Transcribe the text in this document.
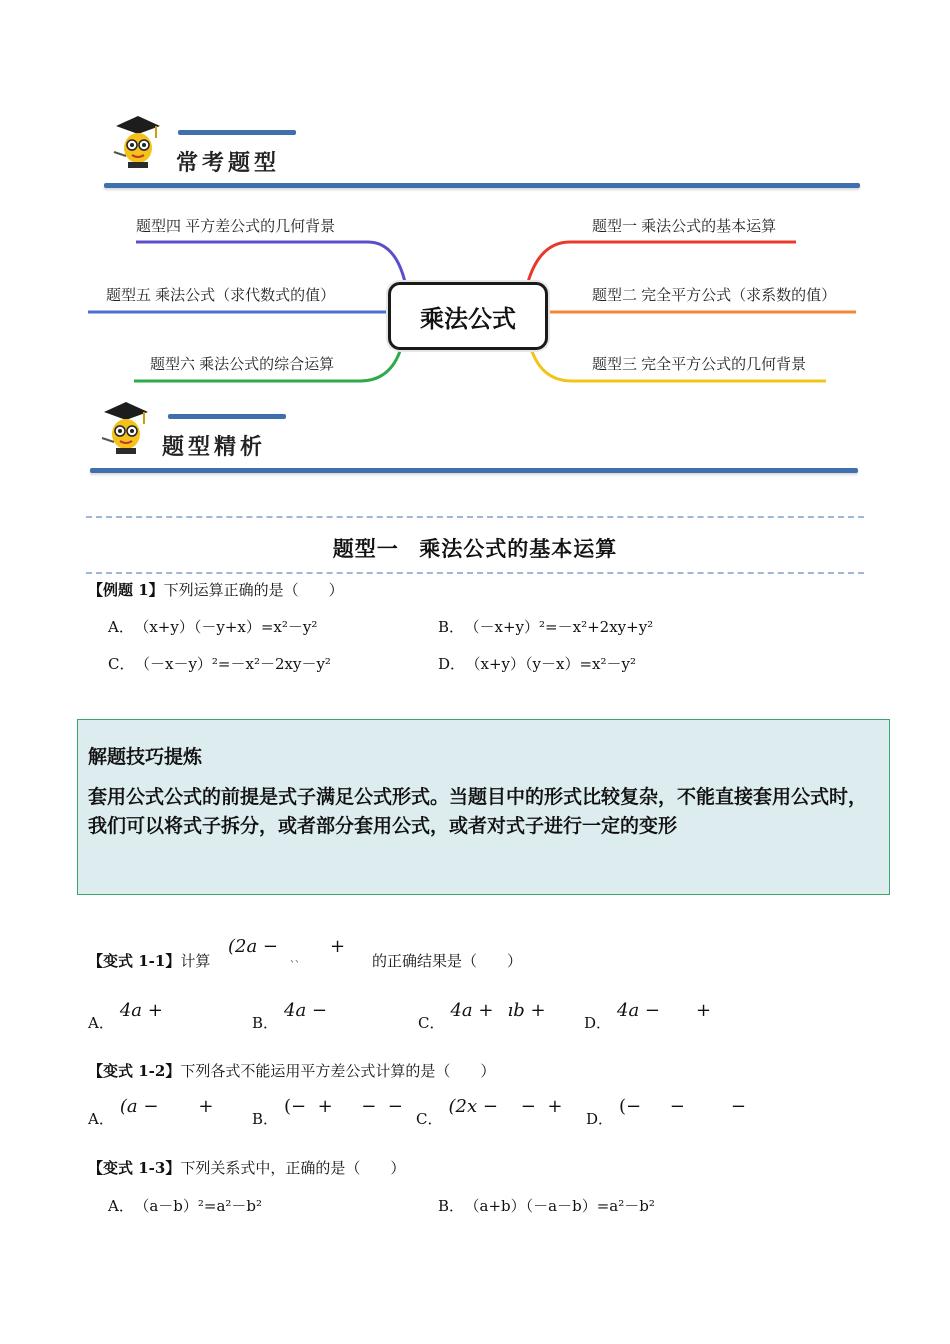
常考题型
乘法公式
题型四 平方差公式的几何背景
题型五 乘法公式（求代数式的值）
题型六 乘法公式的综合运算
题型一 乘法公式的基本运算
题型二 完全平方公式（求系数的值）
题型三 完全平方公式的几何背景
题型精析
题型一   乘法公式的基本运算
【例题 1】下列运算正确的是（　　）
A． （x+y）（－y+x）=x²－y²	B． （－x+y）²=－x²+2xy+y²
C． （－x－y）²=－x²－2xy－y²	D． （x+y）（y－x）=x²－y²
解题技巧提炼
套用公式公式的前提是式子满足公式形式。当题目中的形式比较复杂，不能直接套用公式时，我们可以将式子拆分，或者部分套用公式，或者对式子进行一定的变形
【变式 1-1】计算
(2a −
、、
+
的正确结果是（　　）
A．4a +
B．4a −
C．4a + ıb +
D．4a − +
【变式 1-2】下列各式不能运用平方差公式计算的是（　　）
A．(a − +
B．(−  +     −  −
C．(2x −    −  +
D．(−     −	−
【变式 1-3】下列关系式中，正确的是（　　）
A． （a－b）²=a²－b²	B． （a+b）（－a－b）=a²－b²
